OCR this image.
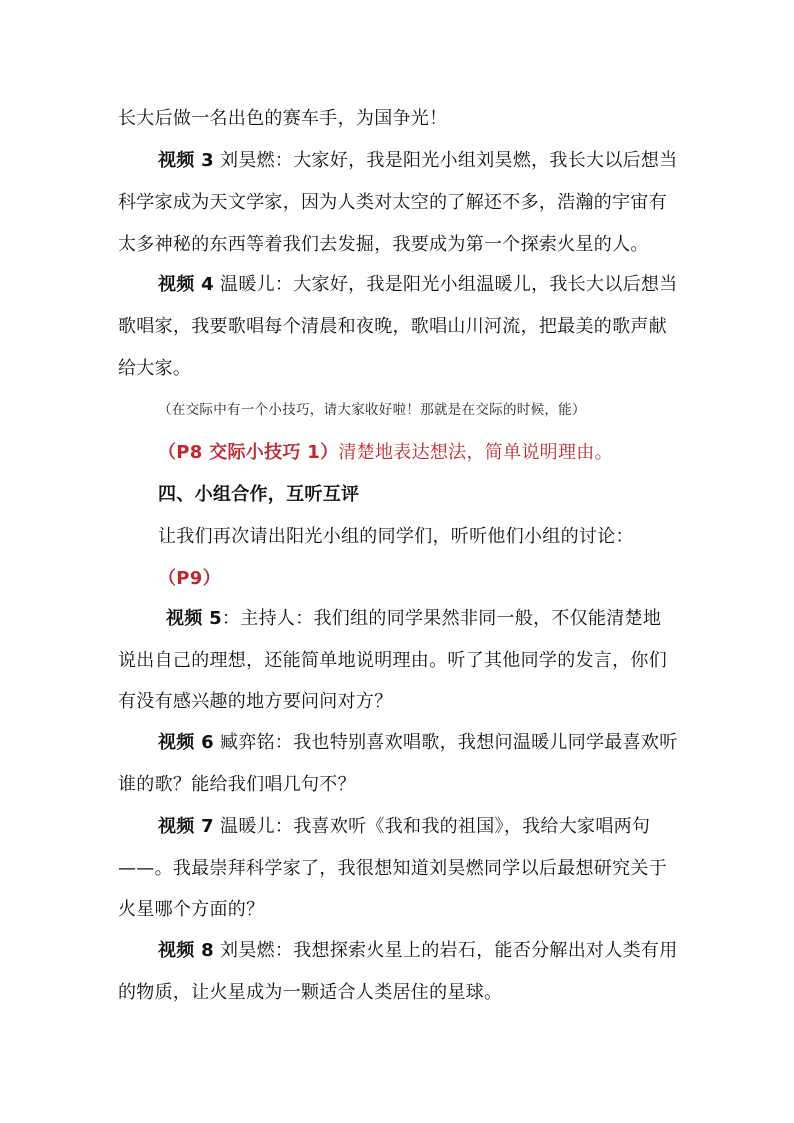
长大后做一名出色的赛车手，为国争光！
视频 3 刘昊燃：大家好，我是阳光小组刘昊燃，我长大以后想当
科学家成为天文学家，因为人类对太空的了解还不多，浩瀚的宇宙有
太多神秘的东西等着我们去发掘，我要成为第一个探索火星的人。
视频 4 温暖儿：大家好，我是阳光小组温暖儿，我长大以后想当
歌唱家，我要歌唱每个清晨和夜晚，歌唱山川河流，把最美的歌声献
给大家。
（在交际中有一个小技巧，请大家收好啦！那就是在交际的时候，能）
（P8 交际小技巧 1）清楚地表达想法，简单说明理由。
四、小组合作，互听互评
让我们再次请出阳光小组的同学们，听听他们小组的讨论：
（P9）
视频 5：主持人：我们组的同学果然非同一般，不仅能清楚地
说出自己的理想，还能简单地说明理由。听了其他同学的发言，你们
有没有感兴趣的地方要问问对方？
视频 6 臧弈铭：我也特别喜欢唱歌，我想问温暖儿同学最喜欢听
谁的歌？能给我们唱几句不？
视频 7 温暖儿：我喜欢听《我和我的祖国》，我给大家唱两句
——。我最崇拜科学家了，我很想知道刘昊燃同学以后最想研究关于
火星哪个方面的？
视频 8 刘昊燃：我想探索火星上的岩石，能否分解出对人类有用
的物质，让火星成为一颗适合人类居住的星球。
